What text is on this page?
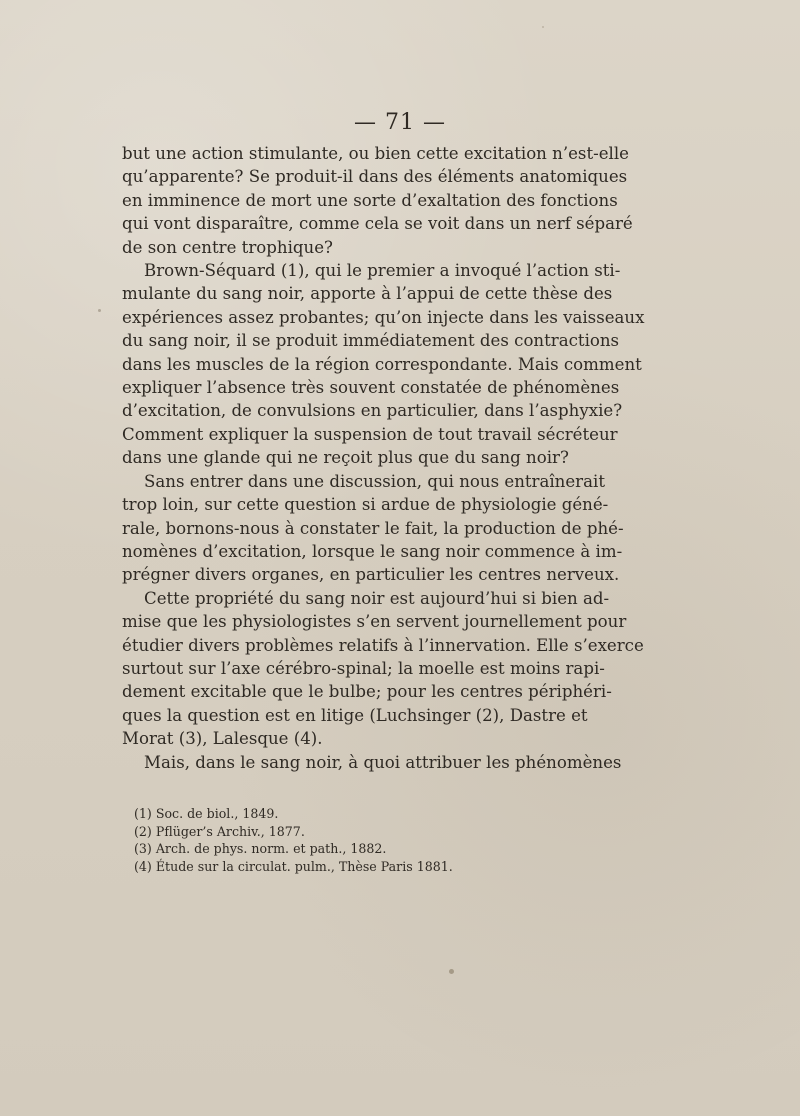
— 71 —
but une action stimulante, ou bien cette excitation n’est-elle
qu’apparente? Se produit-il dans des éléments anatomiques
en imminence de mort une sorte d’exaltation des fonctions
qui vont disparaître, comme cela se voit dans un nerf séparé
de son centre trophique?
Brown-Séquard (1), qui le premier a invoqué l’action sti-
mulante du sang noir, apporte à l’appui de cette thèse des
expériences assez probantes; qu’on injecte dans les vaisseaux
du sang noir, il se produit immédiatement des contractions
dans les muscles de la région correspondante. Mais comment
expliquer l’absence très souvent constatée de phénomènes
d’excitation, de convulsions en particulier, dans l’asphyxie?
Comment expliquer la suspension de tout travail sécréteur
dans une glande qui ne reçoit plus que du sang noir?
Sans entrer dans une discussion, qui nous entraînerait
trop loin, sur cette question si ardue de physiologie géné-
rale, bornons-nous à constater le fait, la production de phé-
nomènes d’excitation, lorsque le sang noir commence à im-
prégner divers organes, en particulier les centres nerveux.
Cette propriété du sang noir est aujourd’hui si bien ad-
mise que les physiologistes s’en servent journellement pour
étudier divers problèmes relatifs à l’innervation. Elle s’exerce
surtout sur l’axe cérébro-spinal; la moelle est moins rapi-
dement excitable que le bulbe; pour les centres périphéri-
ques la question est en litige (Luchsinger (2), Dastre et
Morat (3), Lalesque (4).
Mais, dans le sang noir, à quoi attribuer les phénomènes
(1) Soc. de biol., 1849.
(2) Pflüger’s Archiv., 1877.
(3) Arch. de phys. norm. et path., 1882.
(4) Étude sur la circulat. pulm., Thèse Paris 1881.
